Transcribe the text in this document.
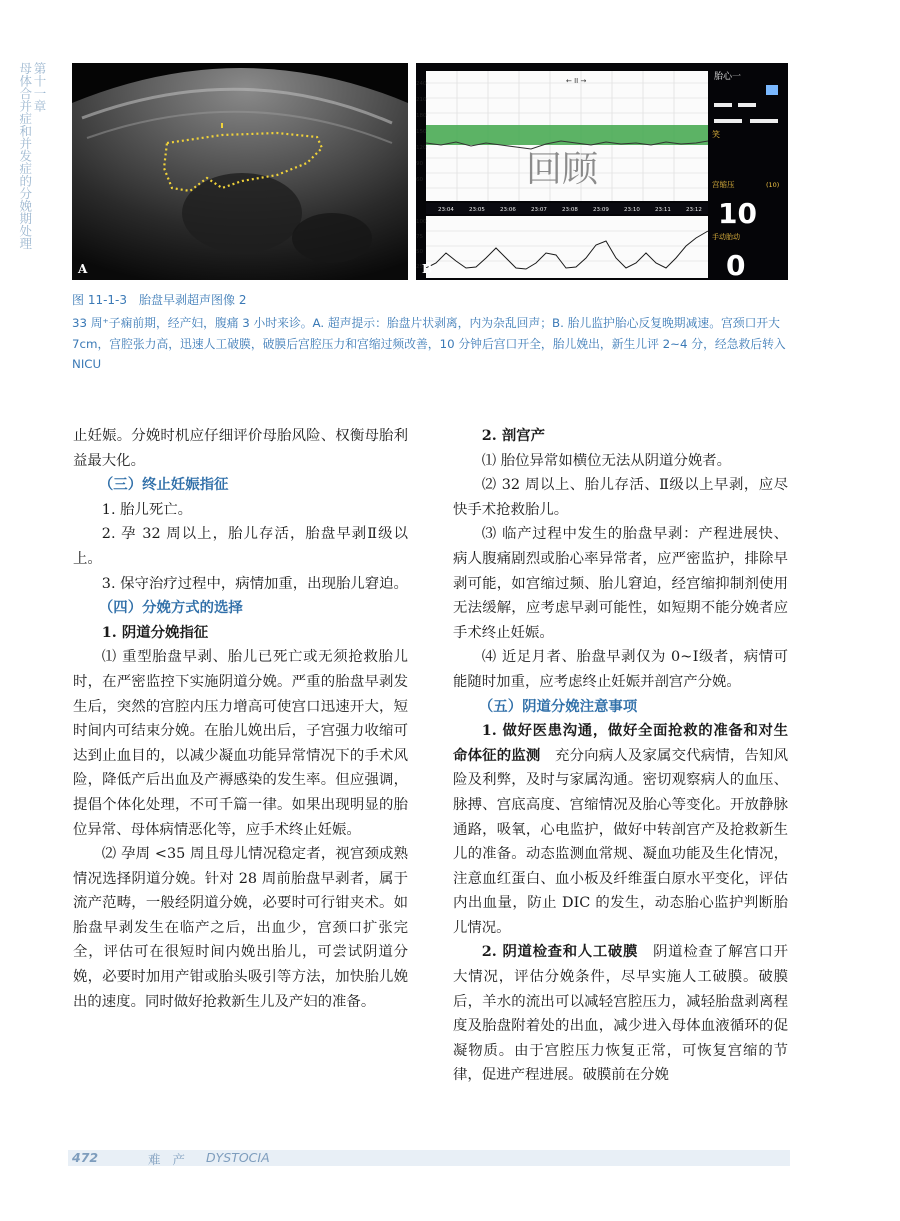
第十一章
母体合并症和并发症的分娩期处理
A
← II →
回顾
240
210
180
150
120
90
60
23:04	23:05	23:06	23:07	23:08	23:09	23:10	23:11	23:12
100
75
50
25
胎心一
笑
宫缩压	(10)
10
手动胎动
0
B
图 11-1-3　胎盘早剥超声图像 2
33 周⁺子痫前期，经产妇，腹痛 3 小时来诊。A. 超声提示：胎盘片状剥离，内为杂乱回声；B. 胎儿监护胎心反复晚期减速。宫颈口开大 7cm，宫腔张力高，迅速人工破膜，破膜后宫腔压力和宫缩过频改善，10 分钟后宫口开全，胎儿娩出，新生儿评 2~4 分，经急救后转入 NICU

止妊娠。分娩时机应仔细评价母胎风险、权衡母胎利益最大化。

（三）终止妊娠指征

1. 胎儿死亡。

2. 孕 32 周以上，胎儿存活，胎盘早剥Ⅱ级以上。

3. 保守治疗过程中，病情加重，出现胎儿窘迫。

（四）分娩方式的选择

1. 阴道分娩指征

⑴ 重型胎盘早剥、胎儿已死亡或无须抢救胎儿时，在严密监控下实施阴道分娩。严重的胎盘早剥发生后，突然的宫腔内压力增高可使宫口迅速开大，短时间内可结束分娩。在胎儿娩出后，子宫强力收缩可达到止血目的，以减少凝血功能异常情况下的手术风险，降低产后出血及产褥感染的发生率。但应强调，提倡个体化处理，不可千篇一律。如果出现明显的胎位异常、母体病情恶化等，应手术终止妊娠。

⑵ 孕周 <35 周且母儿情况稳定者，视宫颈成熟情况选择阴道分娩。针对 28 周前胎盘早剥者，属于流产范畴，一般经阴道分娩，必要时可行钳夹术。如胎盘早剥发生在临产之后，出血少，宫颈口扩张完全，评估可在很短时间内娩出胎儿，可尝试阴道分娩，必要时加用产钳或胎头吸引等方法，加快胎儿娩出的速度。同时做好抢救新生儿及产妇的准备。

2. 剖宫产

⑴ 胎位异常如横位无法从阴道分娩者。

⑵ 32 周以上、胎儿存活、Ⅱ级以上早剥，应尽快手术抢救胎儿。

⑶ 临产过程中发生的胎盘早剥：产程进展快、病人腹痛剧烈或胎心率异常者，应严密监护，排除早剥可能，如宫缩过频、胎儿窘迫，经宫缩抑制剂使用无法缓解，应考虑早剥可能性，如短期不能分娩者应手术终止妊娠。

⑷ 近足月者、胎盘早剥仅为 0~Ⅰ级者，病情可能随时加重，应考虑终止妊娠并剖宫产分娩。

（五）阴道分娩注意事项

1. 做好医患沟通，做好全面抢救的准备和对生命体征的监测　充分向病人及家属交代病情，告知风险及利弊，及时与家属沟通。密切观察病人的血压、脉搏、宫底高度、宫缩情况及胎心等变化。开放静脉通路，吸氧，心电监护，做好中转剖宫产及抢救新生儿的准备。动态监测血常规、凝血功能及生化情况，注意血红蛋白、血小板及纤维蛋白原水平变化，评估内出血量，防止 DIC 的发生，动态胎心监护判断胎儿情况。

2. 阴道检查和人工破膜　阴道检查了解宫口开大情况，评估分娩条件，尽早实施人工破膜。破膜后，羊水的流出可以减轻宫腔压力，减轻胎盘剥离程度及胎盘附着处的出血，减少进入母体血液循环的促凝物质。由于宫腔压力恢复正常，可恢复宫缩的节律，促进产程进展。破膜前在分娩

472	难 产 DYSTOCIA
